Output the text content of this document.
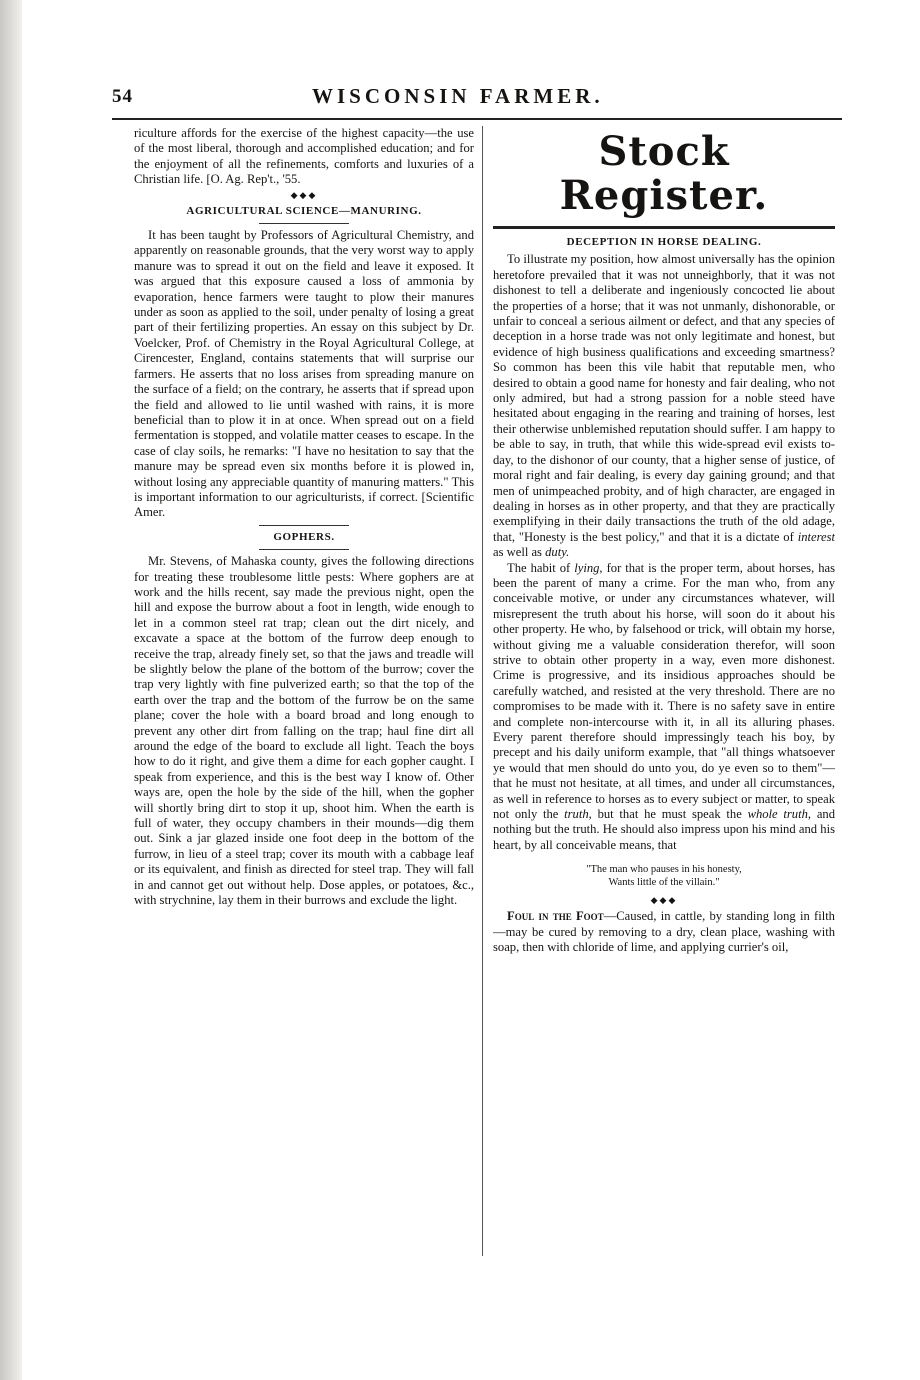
54	WISCONSIN FARMER.

riculture affords for the exercise of the highest capacity—the use of the most liberal, thorough and accomplished education; and for the enjoyment of all the refinements, comforts and luxuries of a Christian life. [O. Ag. Rep't., '55.

◆◆◆
AGRICULTURAL SCIENCE—MANURING.

It has been taught by Professors of Agricultural Chemistry, and apparently on reasonable grounds, that the very worst way to apply manure was to spread it out on the field and leave it exposed. It was argued that this exposure caused a loss of ammonia by evaporation, hence farmers were taught to plow their manures under as soon as applied to the soil, under penalty of losing a great part of their fertilizing properties. An essay on this subject by Dr. Voelcker, Prof. of Chemistry in the Royal Agricultural College, at Cirencester, England, contains statements that will surprise our farmers. He asserts that no loss arises from spreading manure on the surface of a field; on the contrary, he asserts that if spread upon the field and allowed to lie until washed with rains, it is more beneficial than to plow it in at once. When spread out on a field fermentation is stopped, and volatile matter ceases to escape. In the case of clay soils, he remarks: "I have no hesitation to say that the manure may be spread even six months before it is plowed in, without losing any appreciable quantity of manuring matters." This is important information to our agriculturists, if correct. [Scientific Amer.

GOPHERS.

Mr. Stevens, of Mahaska county, gives the following directions for treating these troublesome little pests: Where gophers are at work and the hills recent, say made the previous night, open the hill and expose the burrow about a foot in length, wide enough to let in a common steel rat trap; clean out the dirt nicely, and excavate a space at the bottom of the furrow deep enough to receive the trap, already finely set, so that the jaws and treadle will be slightly below the plane of the bottom of the burrow; cover the trap very lightly with fine pulverized earth; so that the top of the earth over the trap and the bottom of the furrow be on the same plane; cover the hole with a board broad and long enough to prevent any other dirt from falling on the trap; haul fine dirt all around the edge of the board to exclude all light. Teach the boys how to do it right, and give them a dime for each gopher caught. I speak from experience, and this is the best way I know of. Other ways are, open the hole by the side of the hill, when the gopher will shortly bring dirt to stop it up, shoot him. When the earth is full of water, they occupy chambers in their mounds—dig them out. Sink a jar glazed inside one foot deep in the bottom of the furrow, in lieu of a steel trap; cover its mouth with a cabbage leaf or its equivalent, and finish as directed for steel trap. They will fall in and cannot get out without help. Dose apples, or potatoes, &c., with strychnine, lay them in their burrows and exclude the light.

Stock Register.
DECEPTION IN HORSE DEALING.

To illustrate my position, how almost universally has the opinion heretofore prevailed that it was not unneighborly, that it was not dishonest to tell a deliberate and ingeniously concocted lie about the properties of a horse; that it was not unmanly, dishonorable, or unfair to conceal a serious ailment or defect, and that any species of deception in a horse trade was not only legitimate and honest, but evidence of high business qualifications and exceeding smartness? So common has been this vile habit that reputable men, who desired to obtain a good name for honesty and fair dealing, who not only admired, but had a strong passion for a noble steed have hesitated about engaging in the rearing and training of horses, lest their otherwise unblemished reputation should suffer. I am happy to be able to say, in truth, that while this wide-spread evil exists to-day, to the dishonor of our county, that a higher sense of justice, of moral right and fair dealing, is every day gaining ground; and that men of unimpeached probity, and of high character, are engaged in dealing in horses as in other property, and that they are practically exemplifying in their daily transactions the truth of the old adage, that, "Honesty is the best policy," and that it is a dictate of interest as well as duty.

The habit of lying, for that is the proper term, about horses, has been the parent of many a crime. For the man who, from any conceivable motive, or under any circumstances whatever, will misrepresent the truth about his horse, will soon do it about his other property. He who, by falsehood or trick, will obtain my horse, without giving me a valuable consideration therefor, will soon strive to obtain other property in a way, even more dishonest. Crime is progressive, and its insidious approaches should be carefully watched, and resisted at the very threshold. There are no compromises to be made with it. There is no safety save in entire and complete non-intercourse with it, in all its alluring phases. Every parent therefore should impressingly teach his boy, by precept and his daily uniform example, that "all things whatsoever ye would that men should do unto you, do ye even so to them"—that he must not hesitate, at all times, and under all circumstances, as well in reference to horses as to every subject or matter, to speak not only the truth, but that he must speak the whole truth, and nothing but the truth. He should also impress upon his mind and his heart, by all conceivable means, that

"The man who pauses in his honesty,
Wants little of the villain."
◆◆◆

Foul in the Foot—Caused, in cattle, by standing long in filth—may be cured by removing to a dry, clean place, washing with soap, then with chloride of lime, and applying currier's oil,
